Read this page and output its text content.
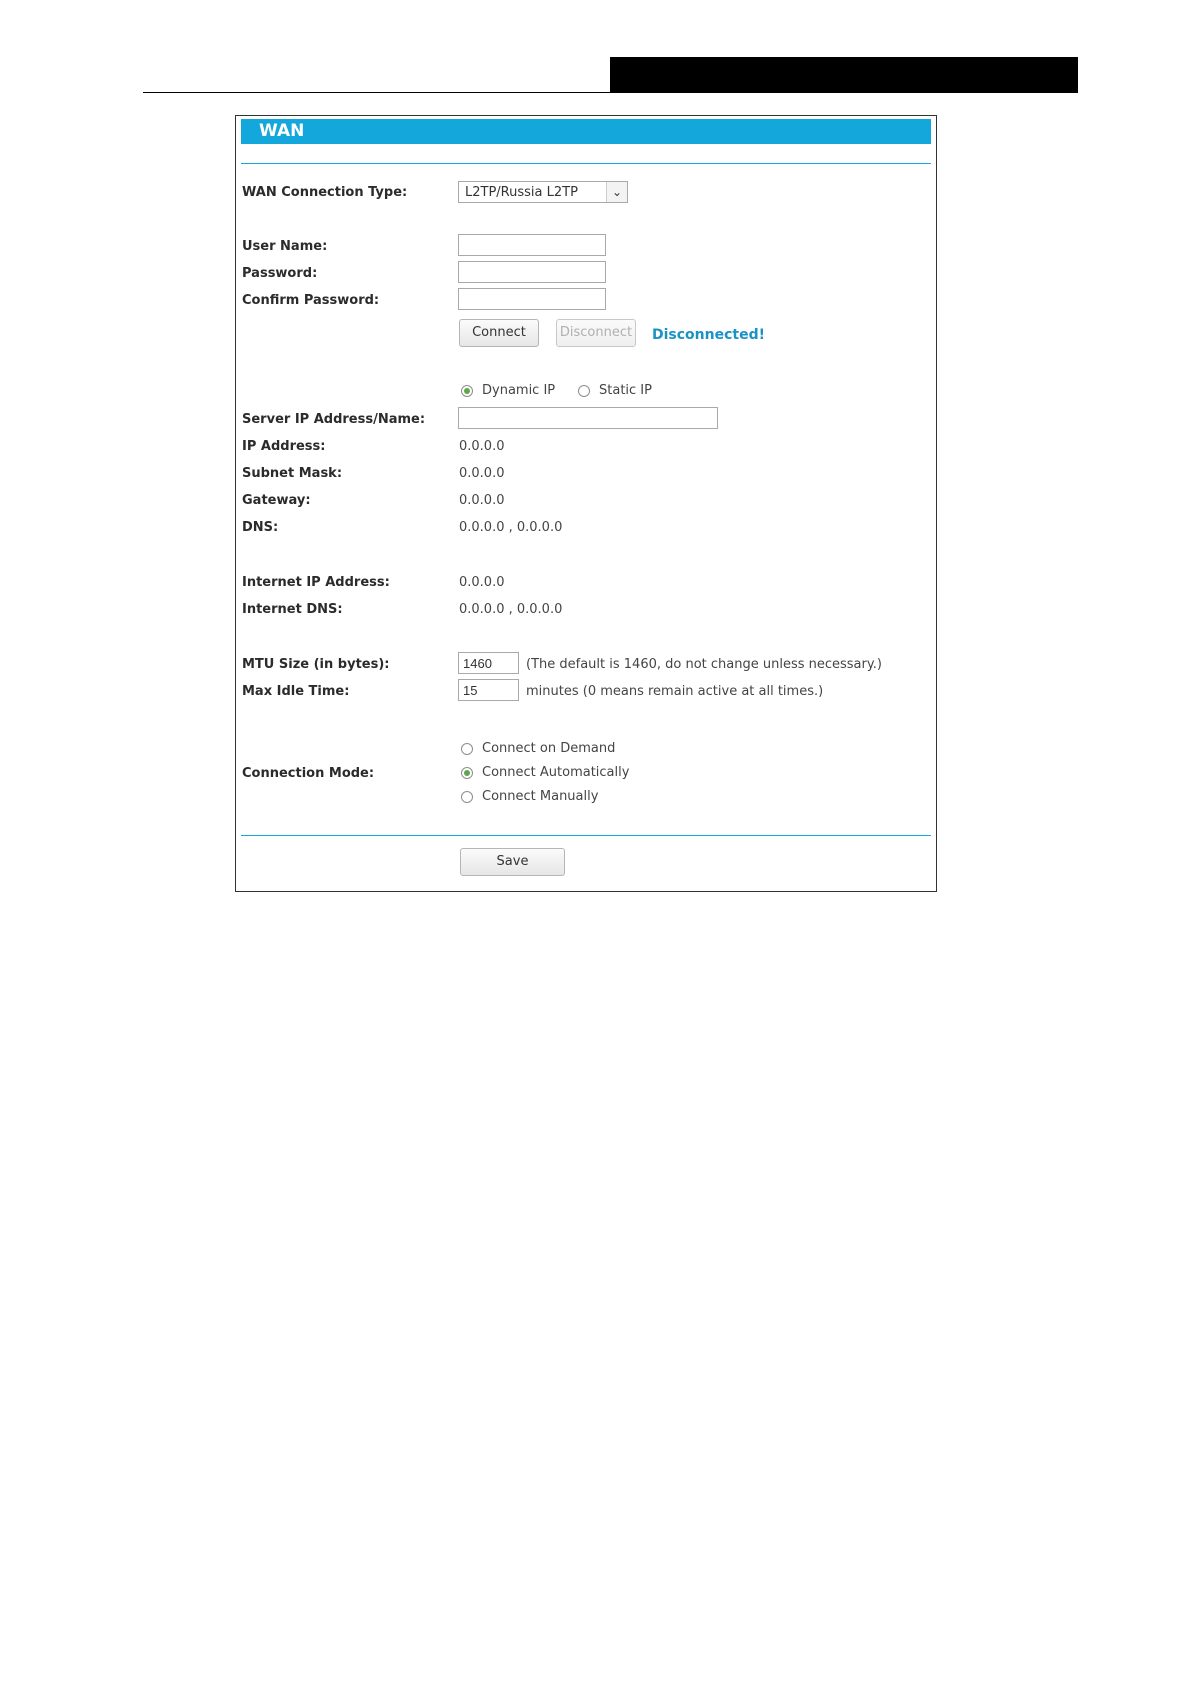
WAN
WAN Connection Type:	L2TP/Russia L2TP	⌄
User Name:
Password:
Confirm Password:
Connect	Disconnect Disconnected!
Dynamic IP	Static IP
Server IP Address/Name:
IP Address:	0.0.0.0
Subnet Mask:	0.0.0.0
Gateway:	0.0.0.0
DNS:	0.0.0.0 , 0.0.0.0
Internet IP Address:	0.0.0.0
Internet DNS:	0.0.0.0 , 0.0.0.0
MTU Size (in bytes):
1460	(The default is 1460, do not change unless necessary.)
Max Idle Time:
15	minutes (0 means remain active at all times.)
Connection Mode:
Connect on Demand
Connect Automatically
Connect Manually
Save
